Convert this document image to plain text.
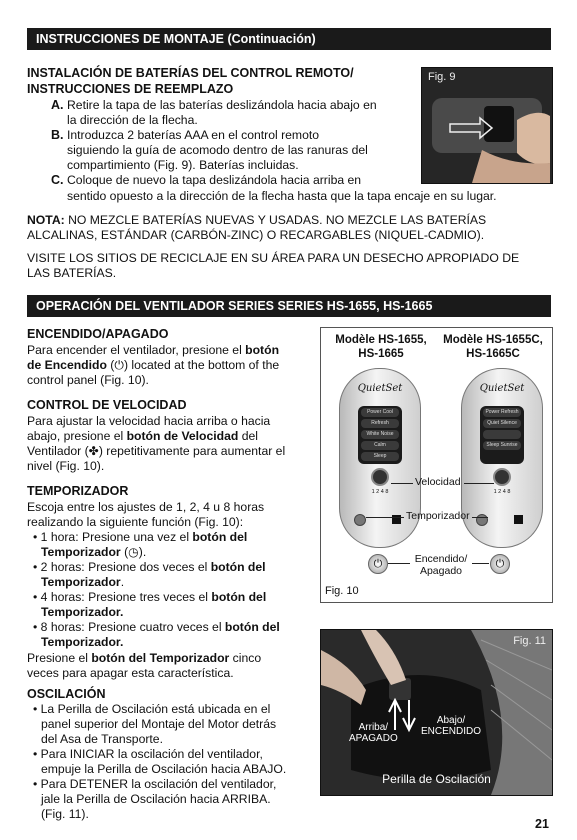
INSTRUCCIONES DE MONTAJE (Continuación)
INSTALACIÓN DE BATERÍAS DEL CONTROL REMOTO/
INSTRUCCIONES DE REEMPLAZO
A. Retire la tapa de las baterías deslizándola hacia abajo en
la dirección de la flecha.
B. Introduzca 2 baterías AAA en el control remoto
siguiendo la guía de acomodo dentro de las ranuras del
compartimiento (Fig. 9). Baterías incluidas.
C. Coloque de nuevo la tapa deslizándola hacia arriba en
sentido opuesto a la dirección de la flecha hasta que la tapa encaje en su lugar.
Fig. 9
NOTA: NO MEZCLE BATERÍAS NUEVAS Y USADAS. NO MEZCLE LAS BATERÍAS
ALCALINAS, ESTÁNDAR (CARBÓN-ZINC) O RECARGABLES (NIQUEL-CADMIO).
VISITE LOS SITIOS DE RECICLAJE EN SU ÁREA PARA UN DESECHO APROPIADO DE
LAS BATERÍAS.
OPERACIÓN DEL VENTILADOR SERIES SERIES HS-1655, HS-1665
ENCENDIDO/APAGADO
Para encender el ventilador, presione el botón
de Encendido (⏻) located at the bottom of the
control panel (Fig. 10).
CONTROL DE VELOCIDAD
Para ajustar la velocidad hacia arriba o hacia
abajo, presione el botón de Velocidad del
Ventilador (✤) repetitivamente para aumentar el
nivel (Fig. 10).
TEMPORIZADOR
Escoja entre los ajustes de 1, 2, 4 u 8 horas
realizando la siguiente función (Fig. 10):
• 1 hora: Presione una vez el botón del
Temporizador (◷).
• 2 horas: Presione dos veces el botón del
Temporizador.
• 4 horas: Presione tres veces el botón del
Temporizador.
• 8 horas: Presione cuatro veces el botón del
Temporizador.
Presione el botón del Temporizador cinco
veces para apagar esta característica.
OSCILACIÓN
• La Perilla de Oscilación está ubicada en el
panel superior del Montaje del Motor detrás
del Asa de Transporte.
• Para INICIAR la oscilación del ventilador,
empuje la Perilla de Oscilación hacia ABAJO.
• Para DETENER la oscilación del ventilador,
jale la Perilla de Oscilación hacia ARRIBA.
(Fig. 11).
Modèle HS-1655,
HS-1665
Modèle HS-1655C,
HS-1665C
QuietSet
Power Cool
Refresh
White Noise
Calm
Sleep
1 2 4 8
QuietSet
Power Refresh
Quiet Silence
Sleep Sunrise
1 2 4 8
⏻	⏻
Velocidad
Temporizador
Encendido/
Apagado
Fig. 10
Fig. 11
Arriba/
APAGADO
Abajo/
ENCENDIDO
Perilla de Oscilación
21
